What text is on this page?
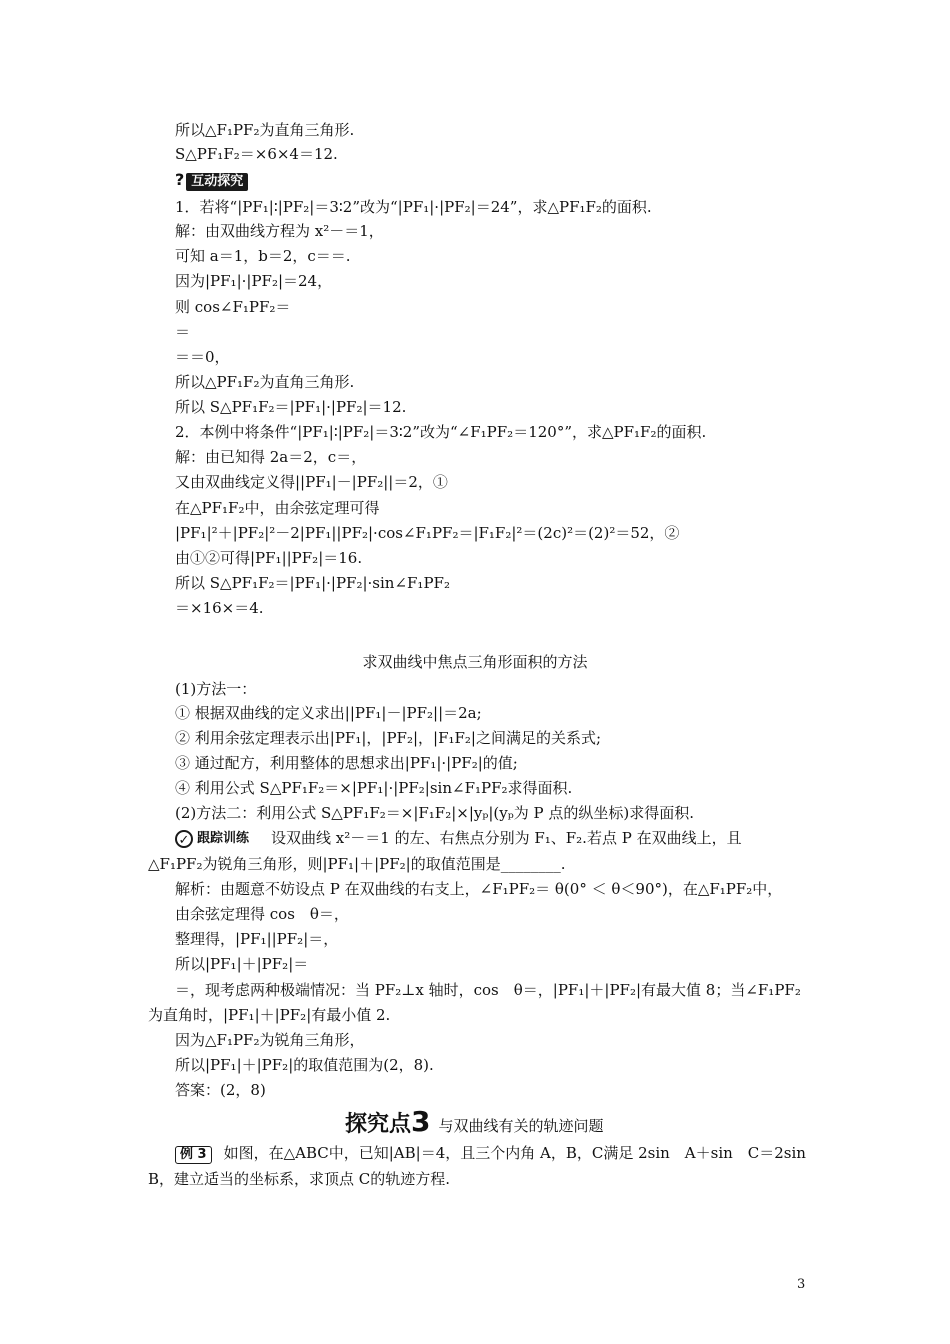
所以△F₁PF₂为直角三角形.
S△PF₁F₂＝×6×4＝12.
? 互动探究
1．若将“|PF₁|∶|PF₂|＝3∶2”改为“|PF₁|·|PF₂|＝24”，求△PF₁F₂的面积.
解：由双曲线方程为 x²－＝1，
可知 a＝1，b＝2，c＝＝.
因为|PF₁|·|PF₂|＝24，
则 cos∠F₁PF₂＝
＝
＝＝0，
所以△PF₁F₂为直角三角形.
所以 S△PF₁F₂＝|PF₁|·|PF₂|＝12.
2．本例中将条件“|PF₁|∶|PF₂|＝3∶2”改为“∠F₁PF₂＝120°”，求△PF₁F₂的面积.
解：由已知得 2a＝2，c＝，
又由双曲线定义得||PF₁|－|PF₂||＝2，①
在△PF₁F₂中，由余弦定理可得
|PF₁|²＋|PF₂|²－2|PF₁||PF₂|·cos∠F₁PF₂＝|F₁F₂|²＝(2c)²＝(2)²＝52，②
由①②可得|PF₁||PF₂|＝16.
所以 S△PF₁F₂＝|PF₁|·|PF₂|·sin∠F₁PF₂
＝×16×＝4.
求双曲线中焦点三角形面积的方法
(1)方法一：
① 根据双曲线的定义求出||PF₁|－|PF₂||＝2a;
② 利用余弦定理表示出|PF₁|，|PF₂|，|F₁F₂|之间满足的关系式;
③ 通过配方，利用整体的思想求出|PF₁|·|PF₂|的值;
④ 利用公式 S△PF₁F₂＝×|PF₁|·|PF₂|sin∠F₁PF₂求得面积.
(2)方法二：利用公式 S△PF₁F₂＝×|F₁F₂|×|yₚ|(yₚ为 P 点的纵坐标)求得面积.
✓ 跟踪训练 设双曲线 x²－＝1 的左、右焦点分别为 F₁、F₂.若点 P 在双曲线上，且
△F₁PF₂为锐角三角形，则|PF₁|＋|PF₂|的取值范围是________.
解析：由题意不妨设点 P 在双曲线的右支上，∠F₁PF₂＝ θ(0° ＜ θ＜90°)，在△F₁PF₂中，
由余弦定理得 cos　θ＝，
整理得，|PF₁||PF₂|＝，
所以|PF₁|＋|PF₂|＝
＝，现考虑两种极端情况：当 PF₂⊥x 轴时，cos　θ＝，|PF₁|＋|PF₂|有最大值 8；当∠F₁PF₂
为直角时，|PF₁|＋|PF₂|有最小值 2.
因为△F₁PF₂为锐角三角形，
所以|PF₁|＋|PF₂|的取值范围为(2，8).
答案：(2，8)
探究点3 与双曲线有关的轨迹问题
例 3 如图，在△ABC中，已知|AB|＝4，且三个内角 A，B，C满足 2sin　A＋sin　C＝2sin
B，建立适当的坐标系，求顶点 C的轨迹方程.
3
